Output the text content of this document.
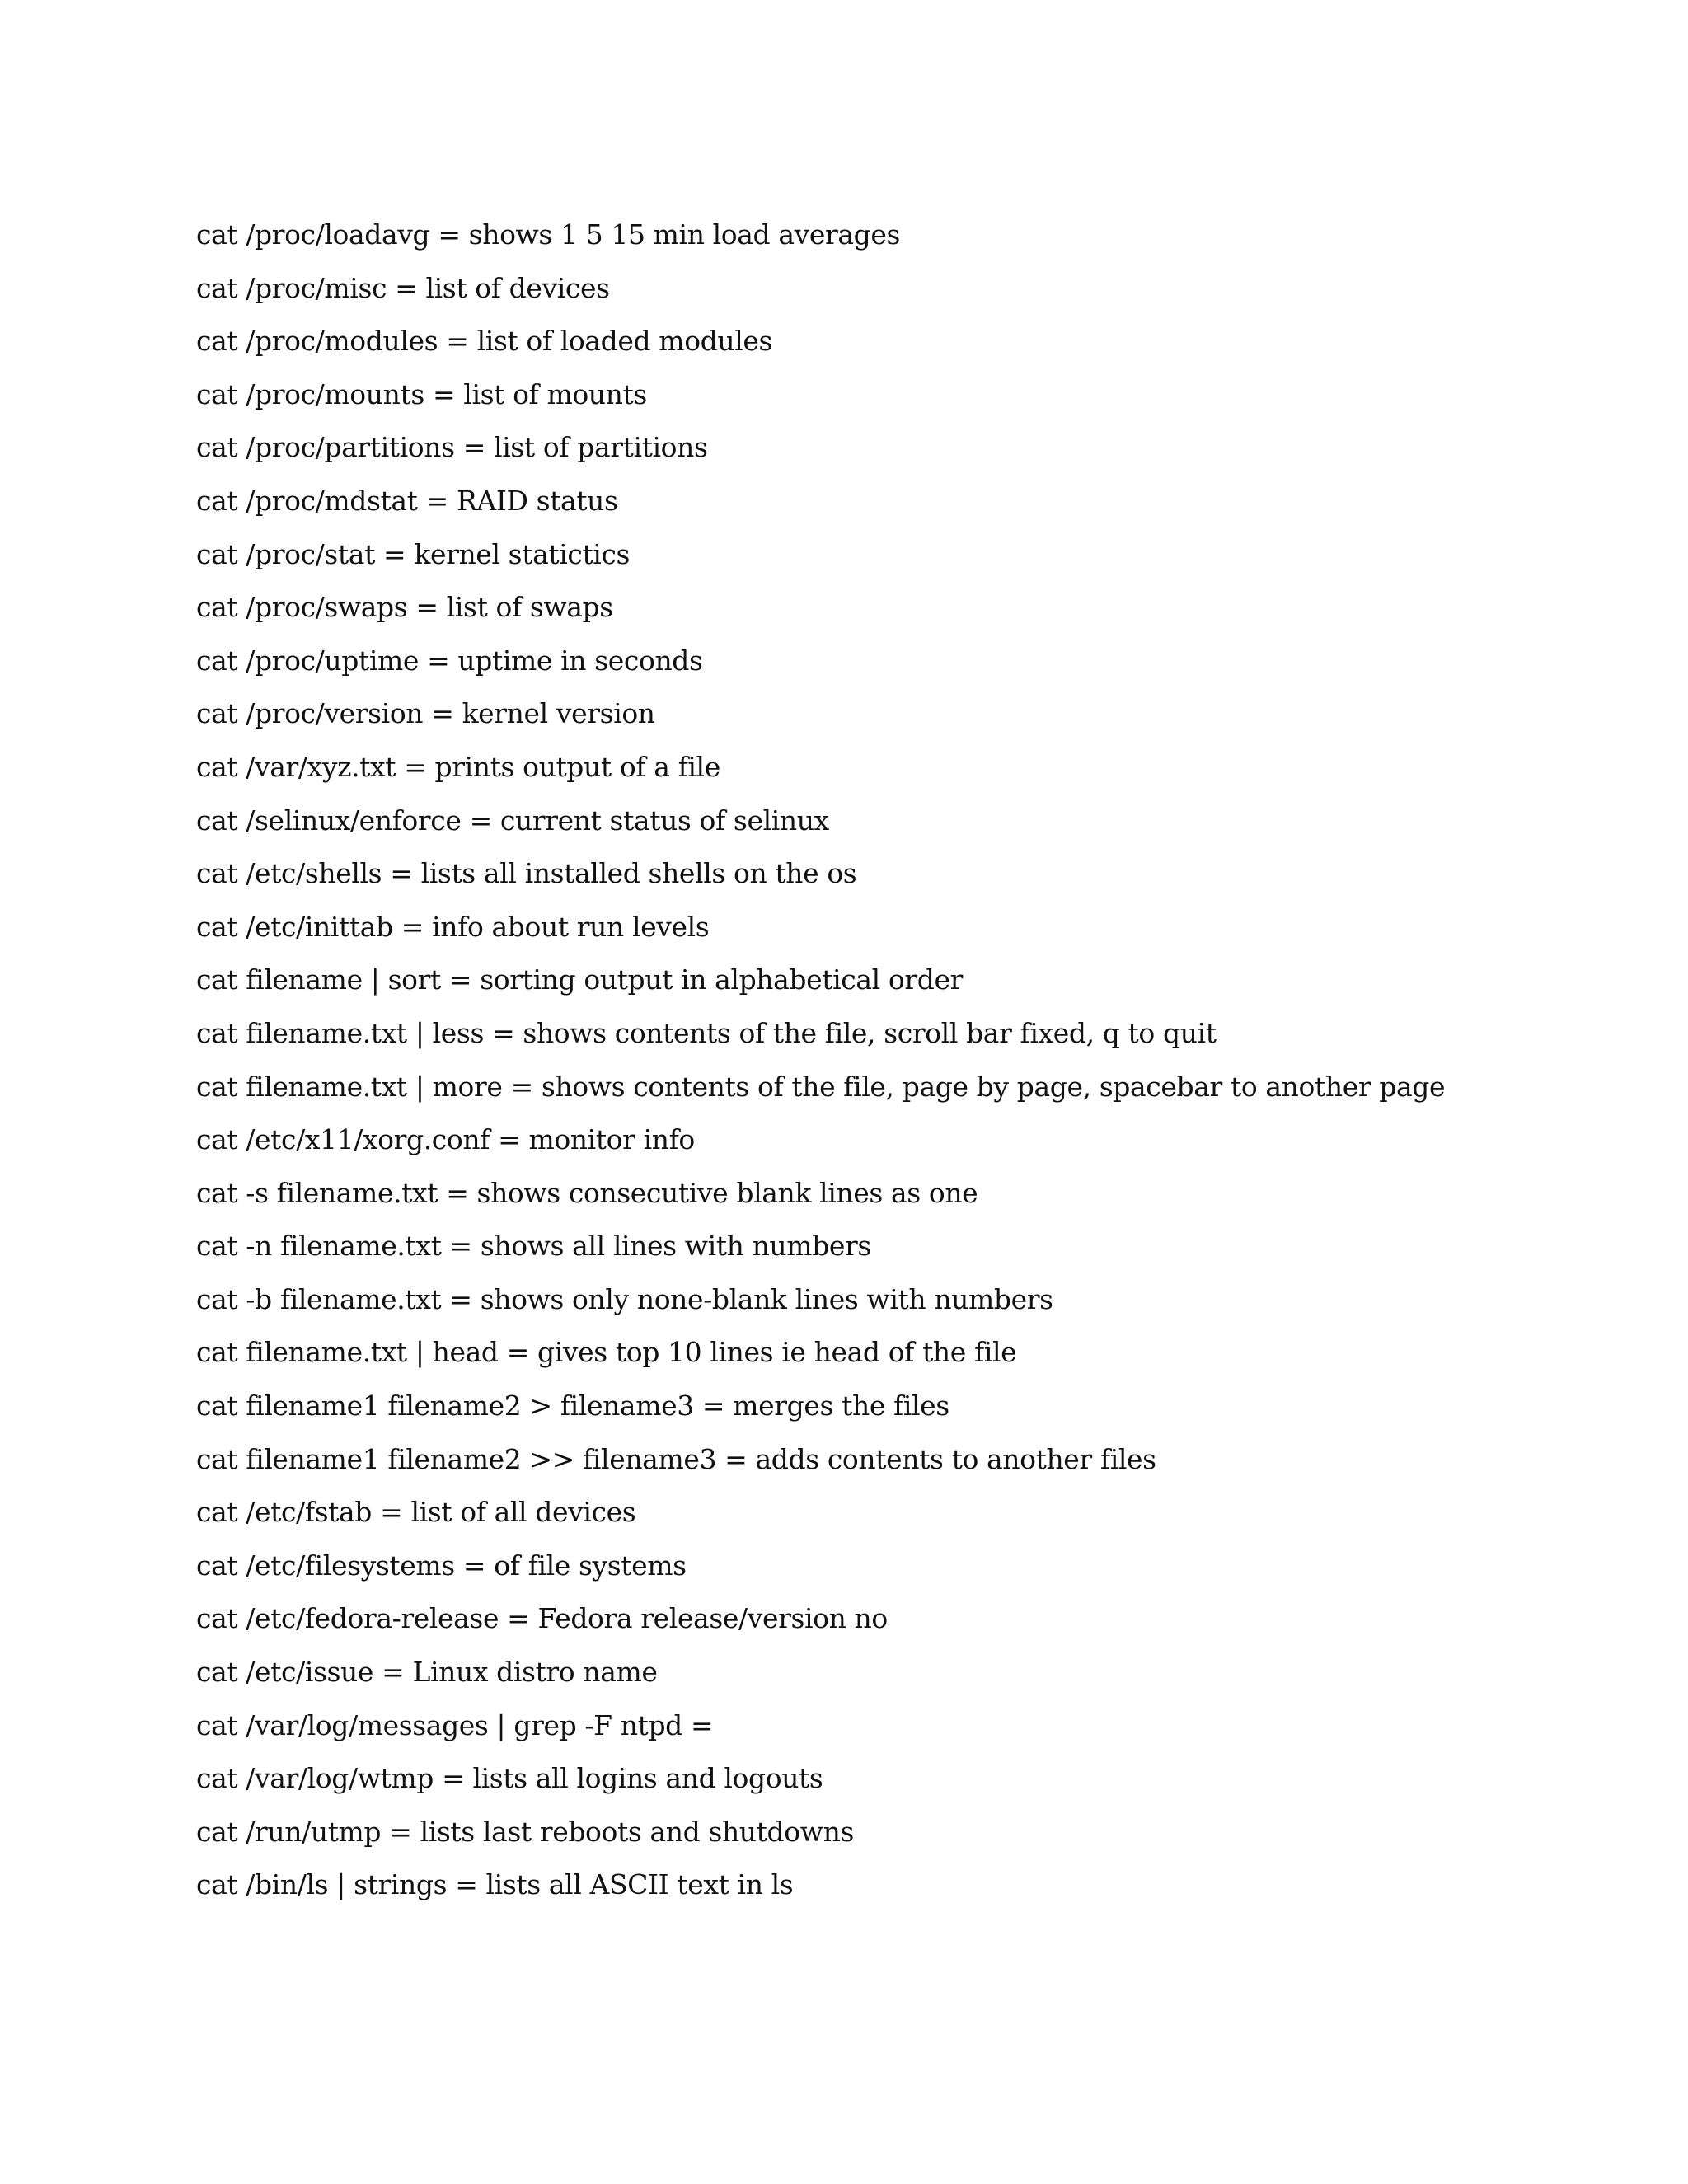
cat /proc/loadavg = shows 1 5 15 min load averages
cat /proc/misc = list of devices
cat /proc/modules = list of loaded modules
cat /proc/mounts = list of mounts
cat /proc/partitions = list of partitions
cat /proc/mdstat = RAID status
cat /proc/stat = kernel statictics
cat /proc/swaps = list of swaps
cat /proc/uptime = uptime in seconds
cat /proc/version = kernel version
cat /var/xyz.txt = prints output of a file
cat /selinux/enforce = current status of selinux
cat /etc/shells = lists all installed shells on the os
cat /etc/inittab = info about run levels
cat filename | sort = sorting output in alphabetical order
cat filename.txt | less = shows contents of the file, scroll bar fixed, q to quit
cat filename.txt | more = shows contents of the file, page by page, spacebar to another page
cat /etc/x11/xorg.conf = monitor info
cat -s filename.txt = shows consecutive blank lines as one
cat -n filename.txt = shows all lines with numbers
cat -b filename.txt = shows only none-blank lines with numbers
cat filename.txt | head = gives top 10 lines ie head of the file
cat filename1 filename2 > filename3 = merges the files
cat filename1 filename2 >> filename3 = adds contents to another files
cat /etc/fstab = list of all devices
cat /etc/filesystems = of file systems
cat /etc/fedora-release = Fedora release/version no
cat /etc/issue = Linux distro name
cat /var/log/messages | grep -F ntpd =
cat /var/log/wtmp = lists all logins and logouts
cat /run/utmp = lists last reboots and shutdowns
cat /bin/ls | strings = lists all ASCII text in ls
